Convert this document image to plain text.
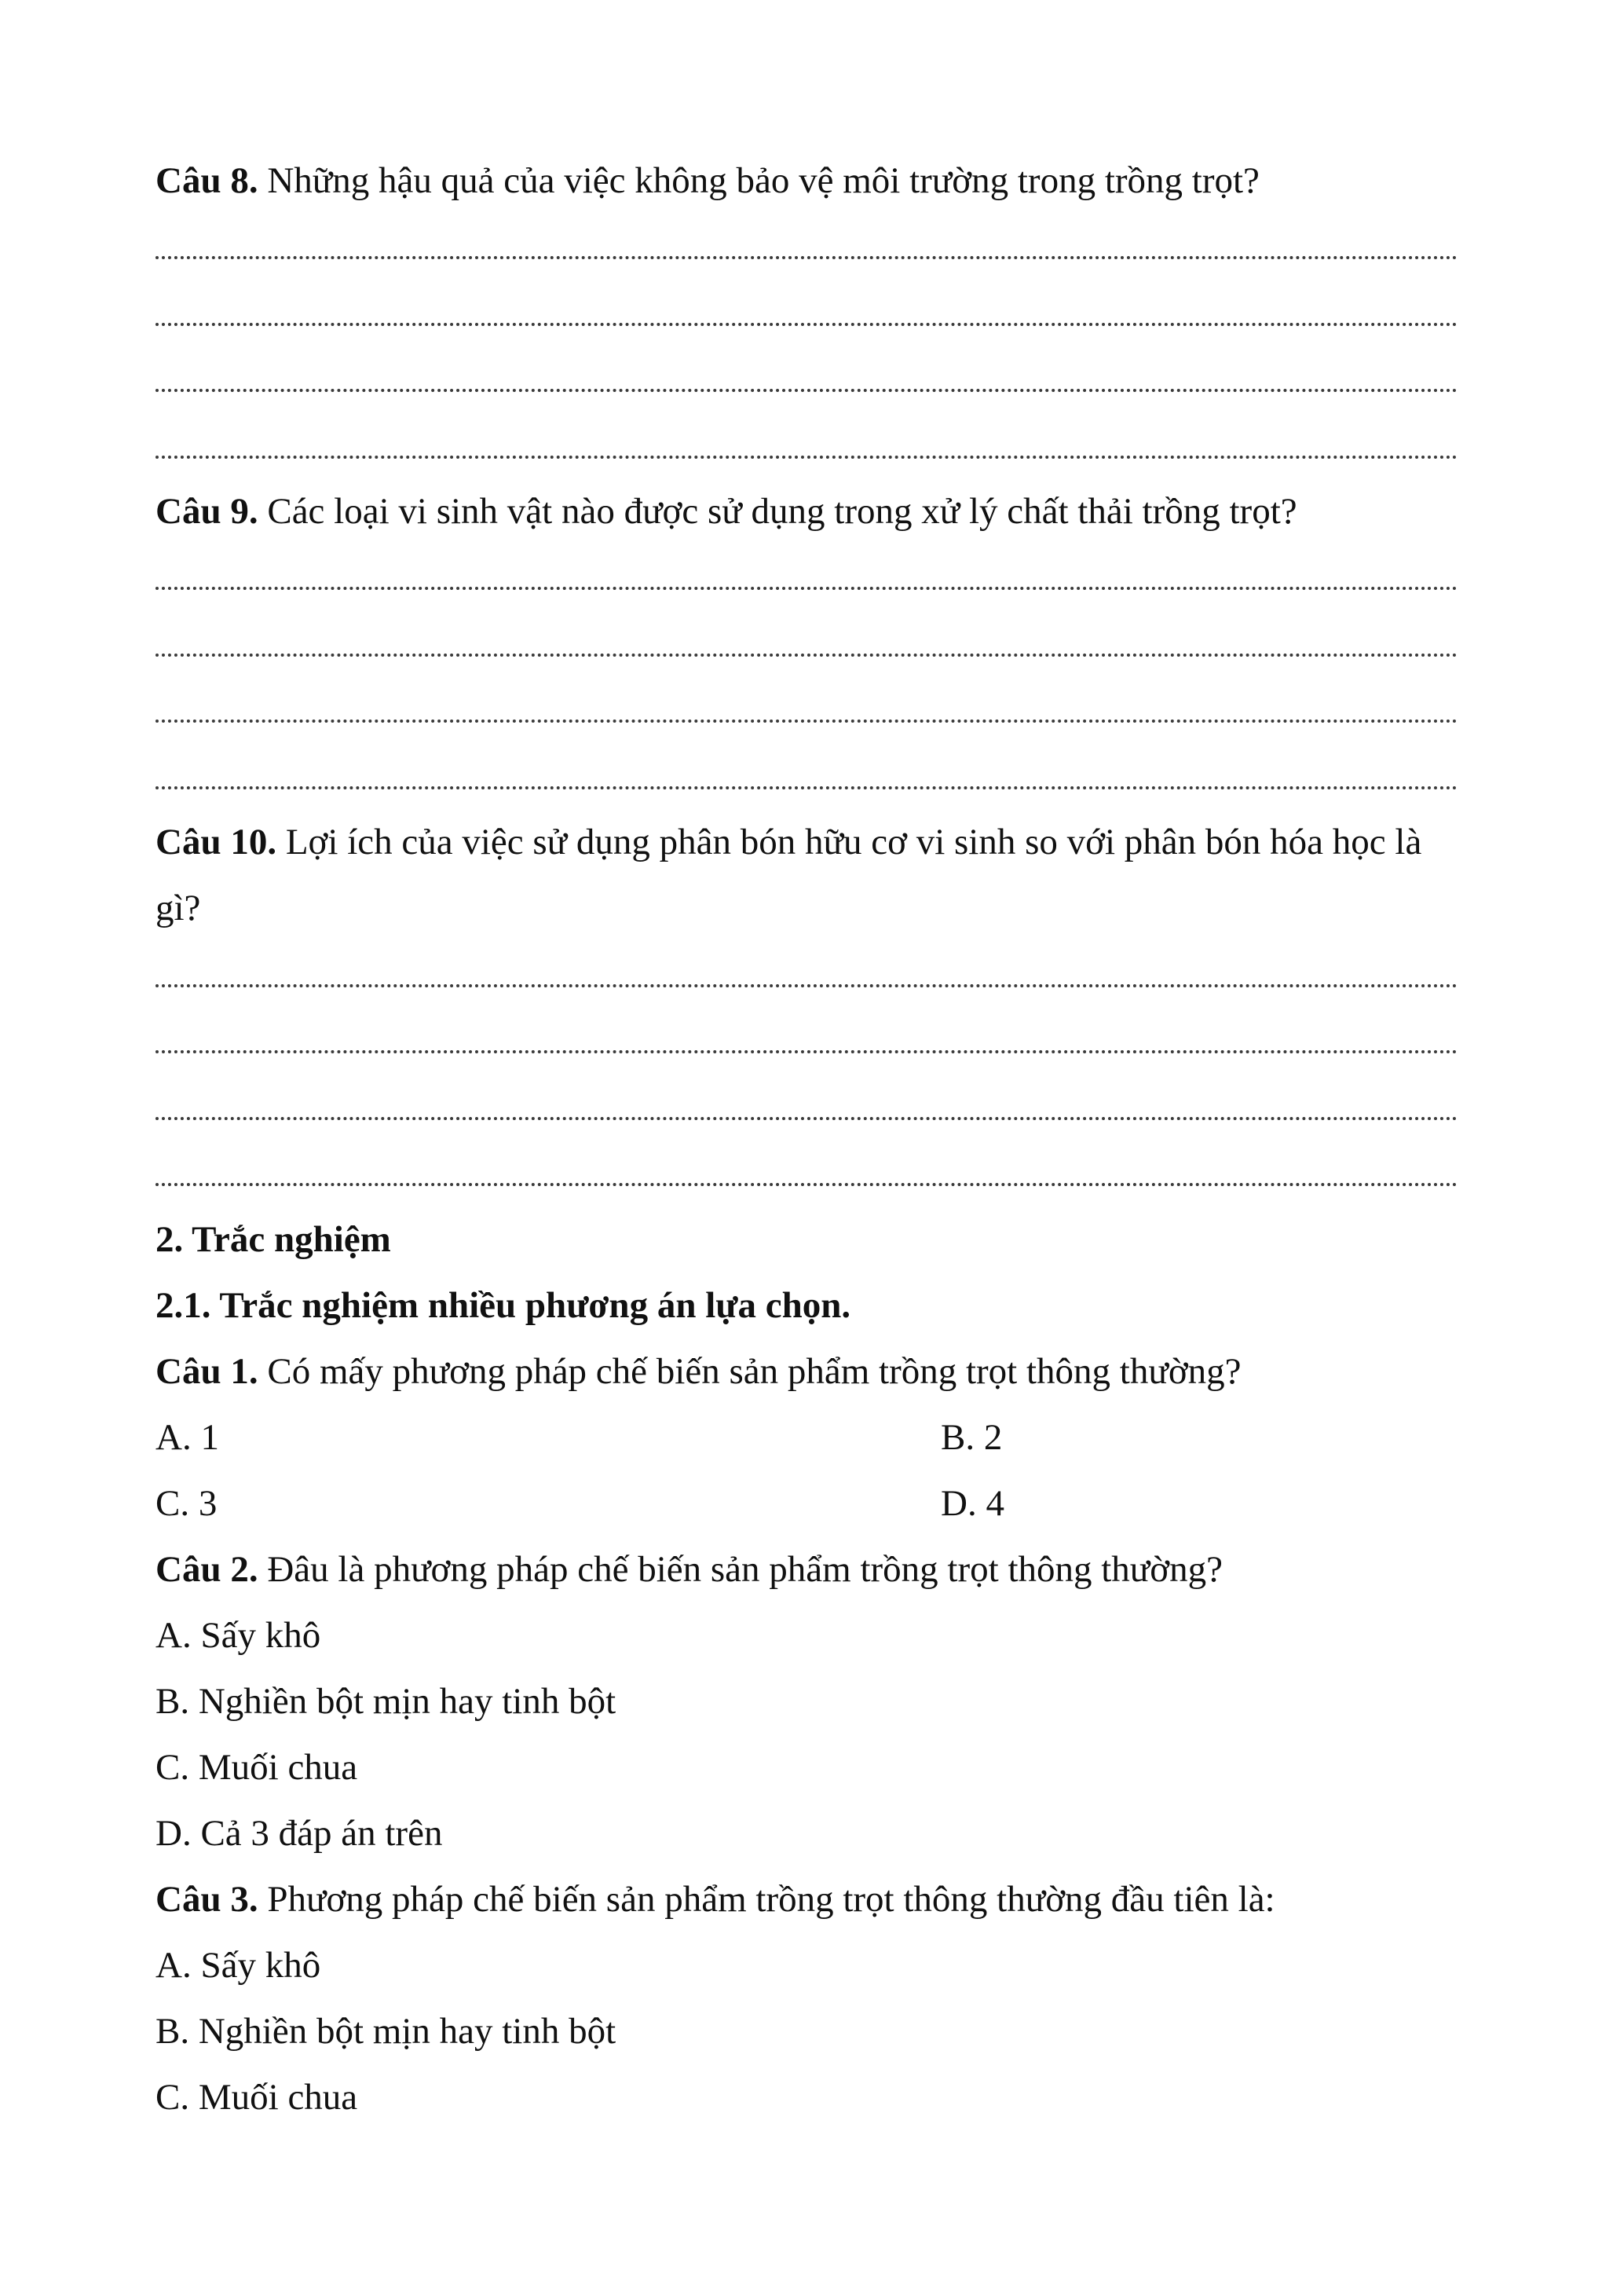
Câu 8. Những hậu quả của việc không bảo vệ môi trường trong trồng trọt?
Câu 9. Các loại vi sinh vật nào được sử dụng trong xử lý chất thải trồng trọt?
Câu 10. Lợi ích của việc sử dụng phân bón hữu cơ vi sinh so với phân bón hóa học là
gì?
2. Trắc nghiệm
2.1. Trắc nghiệm nhiều phương án lựa chọn.
Câu 1. Có mấy phương pháp chế biến sản phẩm trồng trọt thông thường?
A. 1	B. 2
C. 3	D. 4
Câu 2. Đâu là phương pháp chế biến sản phẩm trồng trọt thông thường?
A. Sấy khô
B. Nghiền bột mịn hay tinh bột
C. Muối chua
D. Cả 3 đáp án trên
Câu 3. Phương pháp chế biến sản phẩm trồng trọt thông thường đầu tiên là:
A. Sấy khô
B. Nghiền bột mịn hay tinh bột
C. Muối chua
